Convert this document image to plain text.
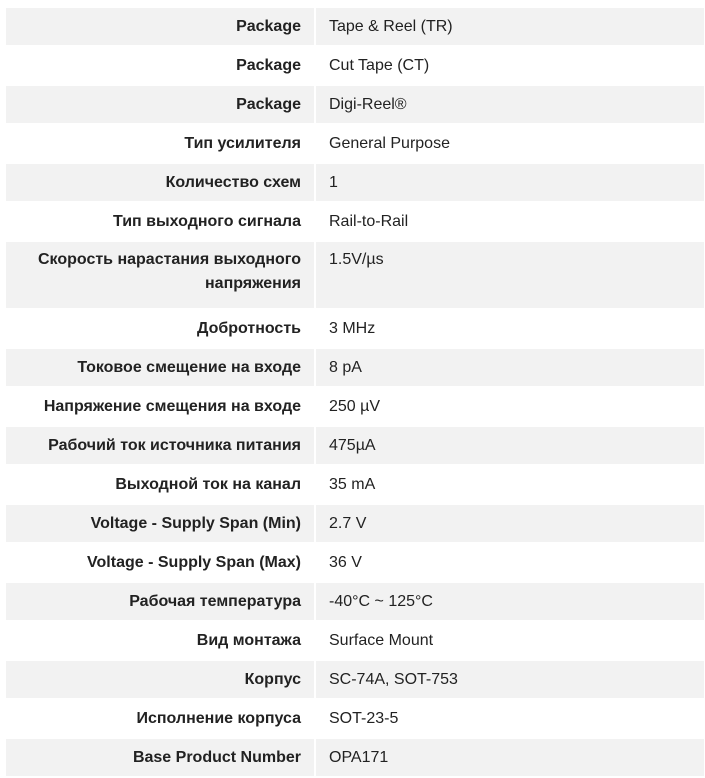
Package	Tape & Reel (TR)
Package	Cut Tape (CT)
Package	Digi-Reel®
Тип усилителя	General Purpose
Количество схем	1
Тип выходного сигнала	Rail-to-Rail
Скорость нарастания выходного напряжения	1.5V/µs
Добротность	3 MHz
Токовое смещение на входе	8 pA
Напряжение смещения на входе	250 µV
Рабочий ток источника питания	475µA
Выходной ток на канал	35 mA
Voltage - Supply Span (Min)	2.7 V
Voltage - Supply Span (Max)	36 V
Рабочая температура	-40°C ~ 125°C
Вид монтажа	Surface Mount
Корпус	SC-74A, SOT-753
Исполнение корпуса	SOT-23-5
Base Product Number	OPA171
